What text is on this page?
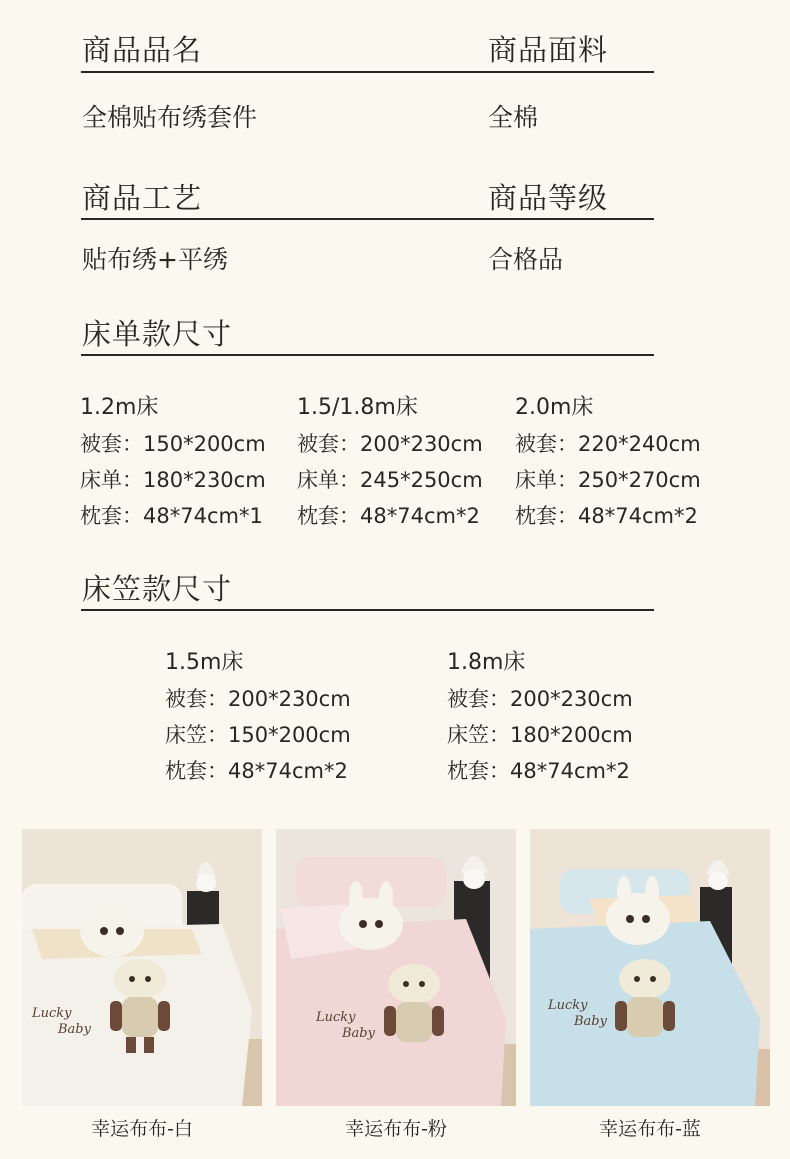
商品品名	商品面料
全棉贴布绣套件	全棉
商品工艺	商品等级
贴布绣+平绣	合格品
床单款尺寸
1.2m床
被套：150*200cm
床单：180*230cm
枕套：48*74cm*1
1.5/1.8m床
被套：200*230cm
床单：245*250cm
枕套：48*74cm*2
2.0m床
被套：220*240cm
床单：250*270cm
枕套：48*74cm*2
床笠款尺寸
1.5m床
被套：200*230cm
床笠：150*200cm
枕套：48*74cm*2
1.8m床
被套：200*230cm
床笠：180*200cm
枕套：48*74cm*2
Lucky
Baby
幸运布布-白
Lucky
Baby
幸运布布-粉
Lucky
Baby
幸运布布-蓝
